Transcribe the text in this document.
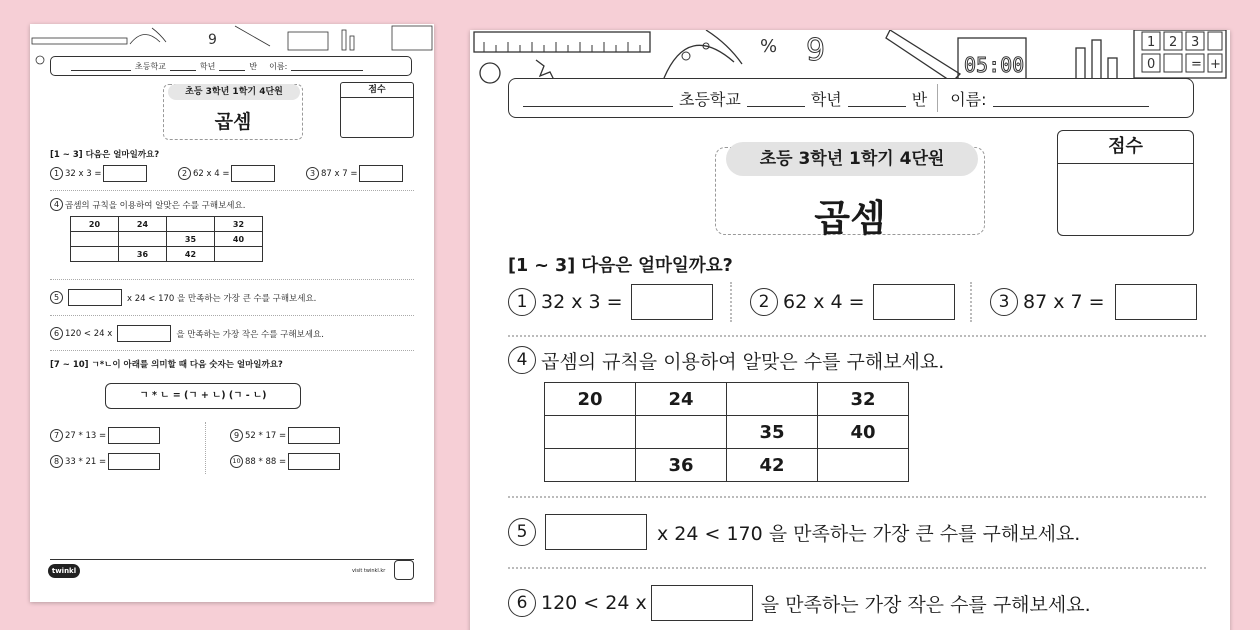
9
초등학교	학년	반 이름:
초등 3학년 1학기 4단원
곱셈
점수
[1 ~ 3] 다음은 얼마일까요?
1 32 x 3 =	2 62 x 4 =	3 87 x 7 =
4 곱셈의 규칙을 이용하여 알맞은 수를 구해보세요.
20	24		32
		35	40
	36	42	
5	x 24 < 170 을 만족하는 가장 큰 수를 구해보세요.
6 120 < 24 x	을 만족하는 가장 작은 수를 구해보세요.
[7 ~ 10] ㄱ*ㄴ이 아래를 의미할 때 다음 숫자는 얼마일까요?
ㄱ * ㄴ = (ㄱ + ㄴ) (ㄱ - ㄴ)
7 27 * 13 =
8 33 * 21 =
9 52 * 17 =
10 88 * 88 =
twinkl	visit twinkl.kr
% 9	05:00
1 2 3
0	= +
초등학교	학년	반 이름:
초등 3학년 1학기 4단원
곱셈
점수
[1 ~ 3] 다음은 얼마일까요?
1 32 x 3 =	2 62 x 4 =	3 87 x 7 =
4 곱셈의 규칙을 이용하여 알맞은 수를 구해보세요.
20	24		32
		35	40
	36	42	
5	x 24 < 170 을 만족하는 가장 큰 수를 구해보세요.
6 120 < 24 x	을 만족하는 가장 작은 수를 구해보세요.
